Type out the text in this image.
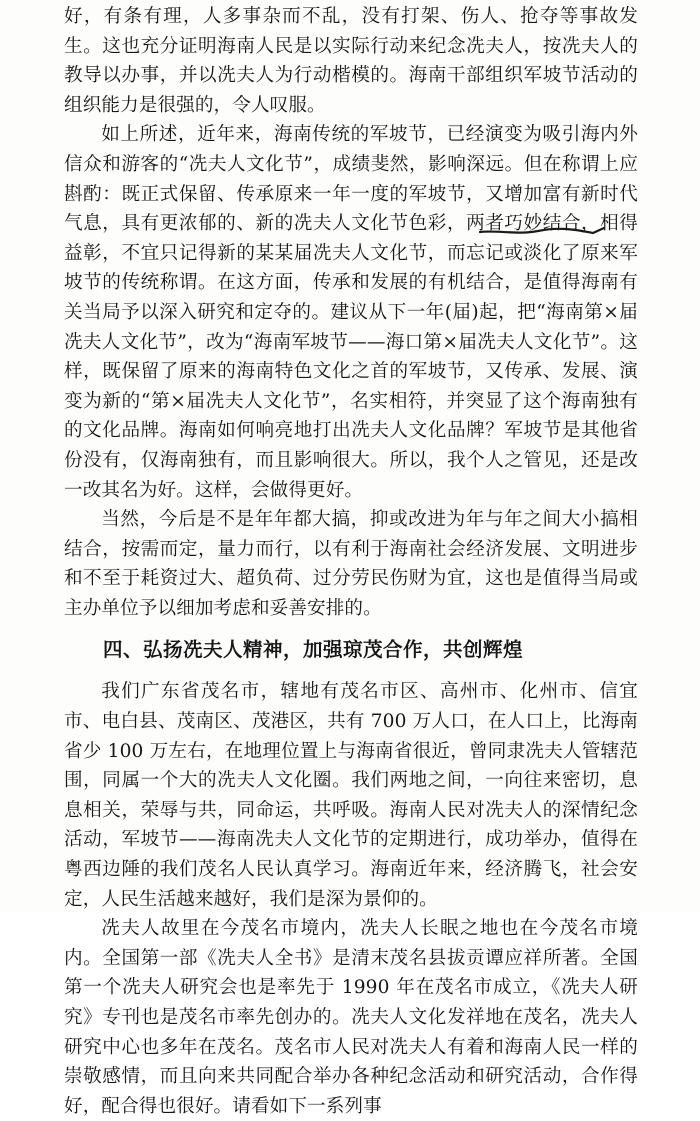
好，有条有理，人多事杂而不乱，没有打架、伤人、抢夺等事故发生。这也充分证明海南人民是以实际行动来纪念冼夫人，按冼夫人的教导以办事，并以冼夫人为行动楷模的。海南干部组织军坡节活动的组织能力是很强的，令人叹服。

如上所述，近年来，海南传统的军坡节，已经演变为吸引海内外信众和游客的“冼夫人文化节”，成绩斐然，影响深远。但在称谓上应斟酌：既正式保留、传承原来一年一度的军坡节，又增加富有新时代气息，具有更浓郁的、新的冼夫人文化节色彩，两者巧妙结合，相得益彰，不宜只记得新的某某届冼夫人文化节，而忘记或淡化了原来军坡节的传统称谓。在这方面，传承和发展的有机结合，是值得海南有关当局予以深入研究和定夺的。建议从下一年(届)起，把“海南第×届冼夫人文化节”，改为“海南军坡节——海口第×届冼夫人文化节”。这样，既保留了原来的海南特色文化之首的军坡节，又传承、发展、演变为新的“第×届冼夫人文化节”，名实相符，并突显了这个海南独有的文化品牌。海南如何响亮地打出冼夫人文化品牌？军坡节是其他省份没有，仅海南独有，而且影响很大。所以，我个人之管见，还是改一改其名为好。这样，会做得更好。

当然，今后是不是年年都大搞，抑或改进为年与年之间大小搞相结合，按需而定，量力而行，以有利于海南社会经济发展、文明进步和不至于耗资过大、超负荷、过分劳民伤财为宜，这也是值得当局或主办单位予以细加考虑和妥善安排的。

四、弘扬冼夫人精神，加强琼茂合作，共创辉煌

我们广东省茂名市，辖地有茂名市区、高州市、化州市、信宜市、电白县、茂南区、茂港区，共有 700 万人口，在人口上，比海南省少 100 万左右，在地理位置上与海南省很近，曾同隶冼夫人管辖范围，同属一个大的冼夫人文化圈。我们两地之间，一向往来密切，息息相关，荣辱与共，同命运，共呼吸。海南人民对冼夫人的深情纪念活动，军坡节——海南冼夫人文化节的定期进行，成功举办，值得在粤西边陲的我们茂名人民认真学习。海南近年来，经济腾飞，社会安定，人民生活越来越好，我们是深为景仰的。

冼夫人故里在今茂名市境内，冼夫人长眠之地也在今茂名市境内。全国第一部《冼夫人全书》是清末茂名县拔贡谭应祥所著。全国第一个冼夫人研究会也是率先于 1990 年在茂名市成立，《冼夫人研究》专刊也是茂名市率先创办的。冼夫人文化发祥地在茂名，冼夫人研究中心也多年在茂名。茂名市人民对冼夫人有着和海南人民一样的崇敬感情，而且向来共同配合举办各种纪念活动和研究活动，合作得好，配合得也很好。请看如下一系列事
